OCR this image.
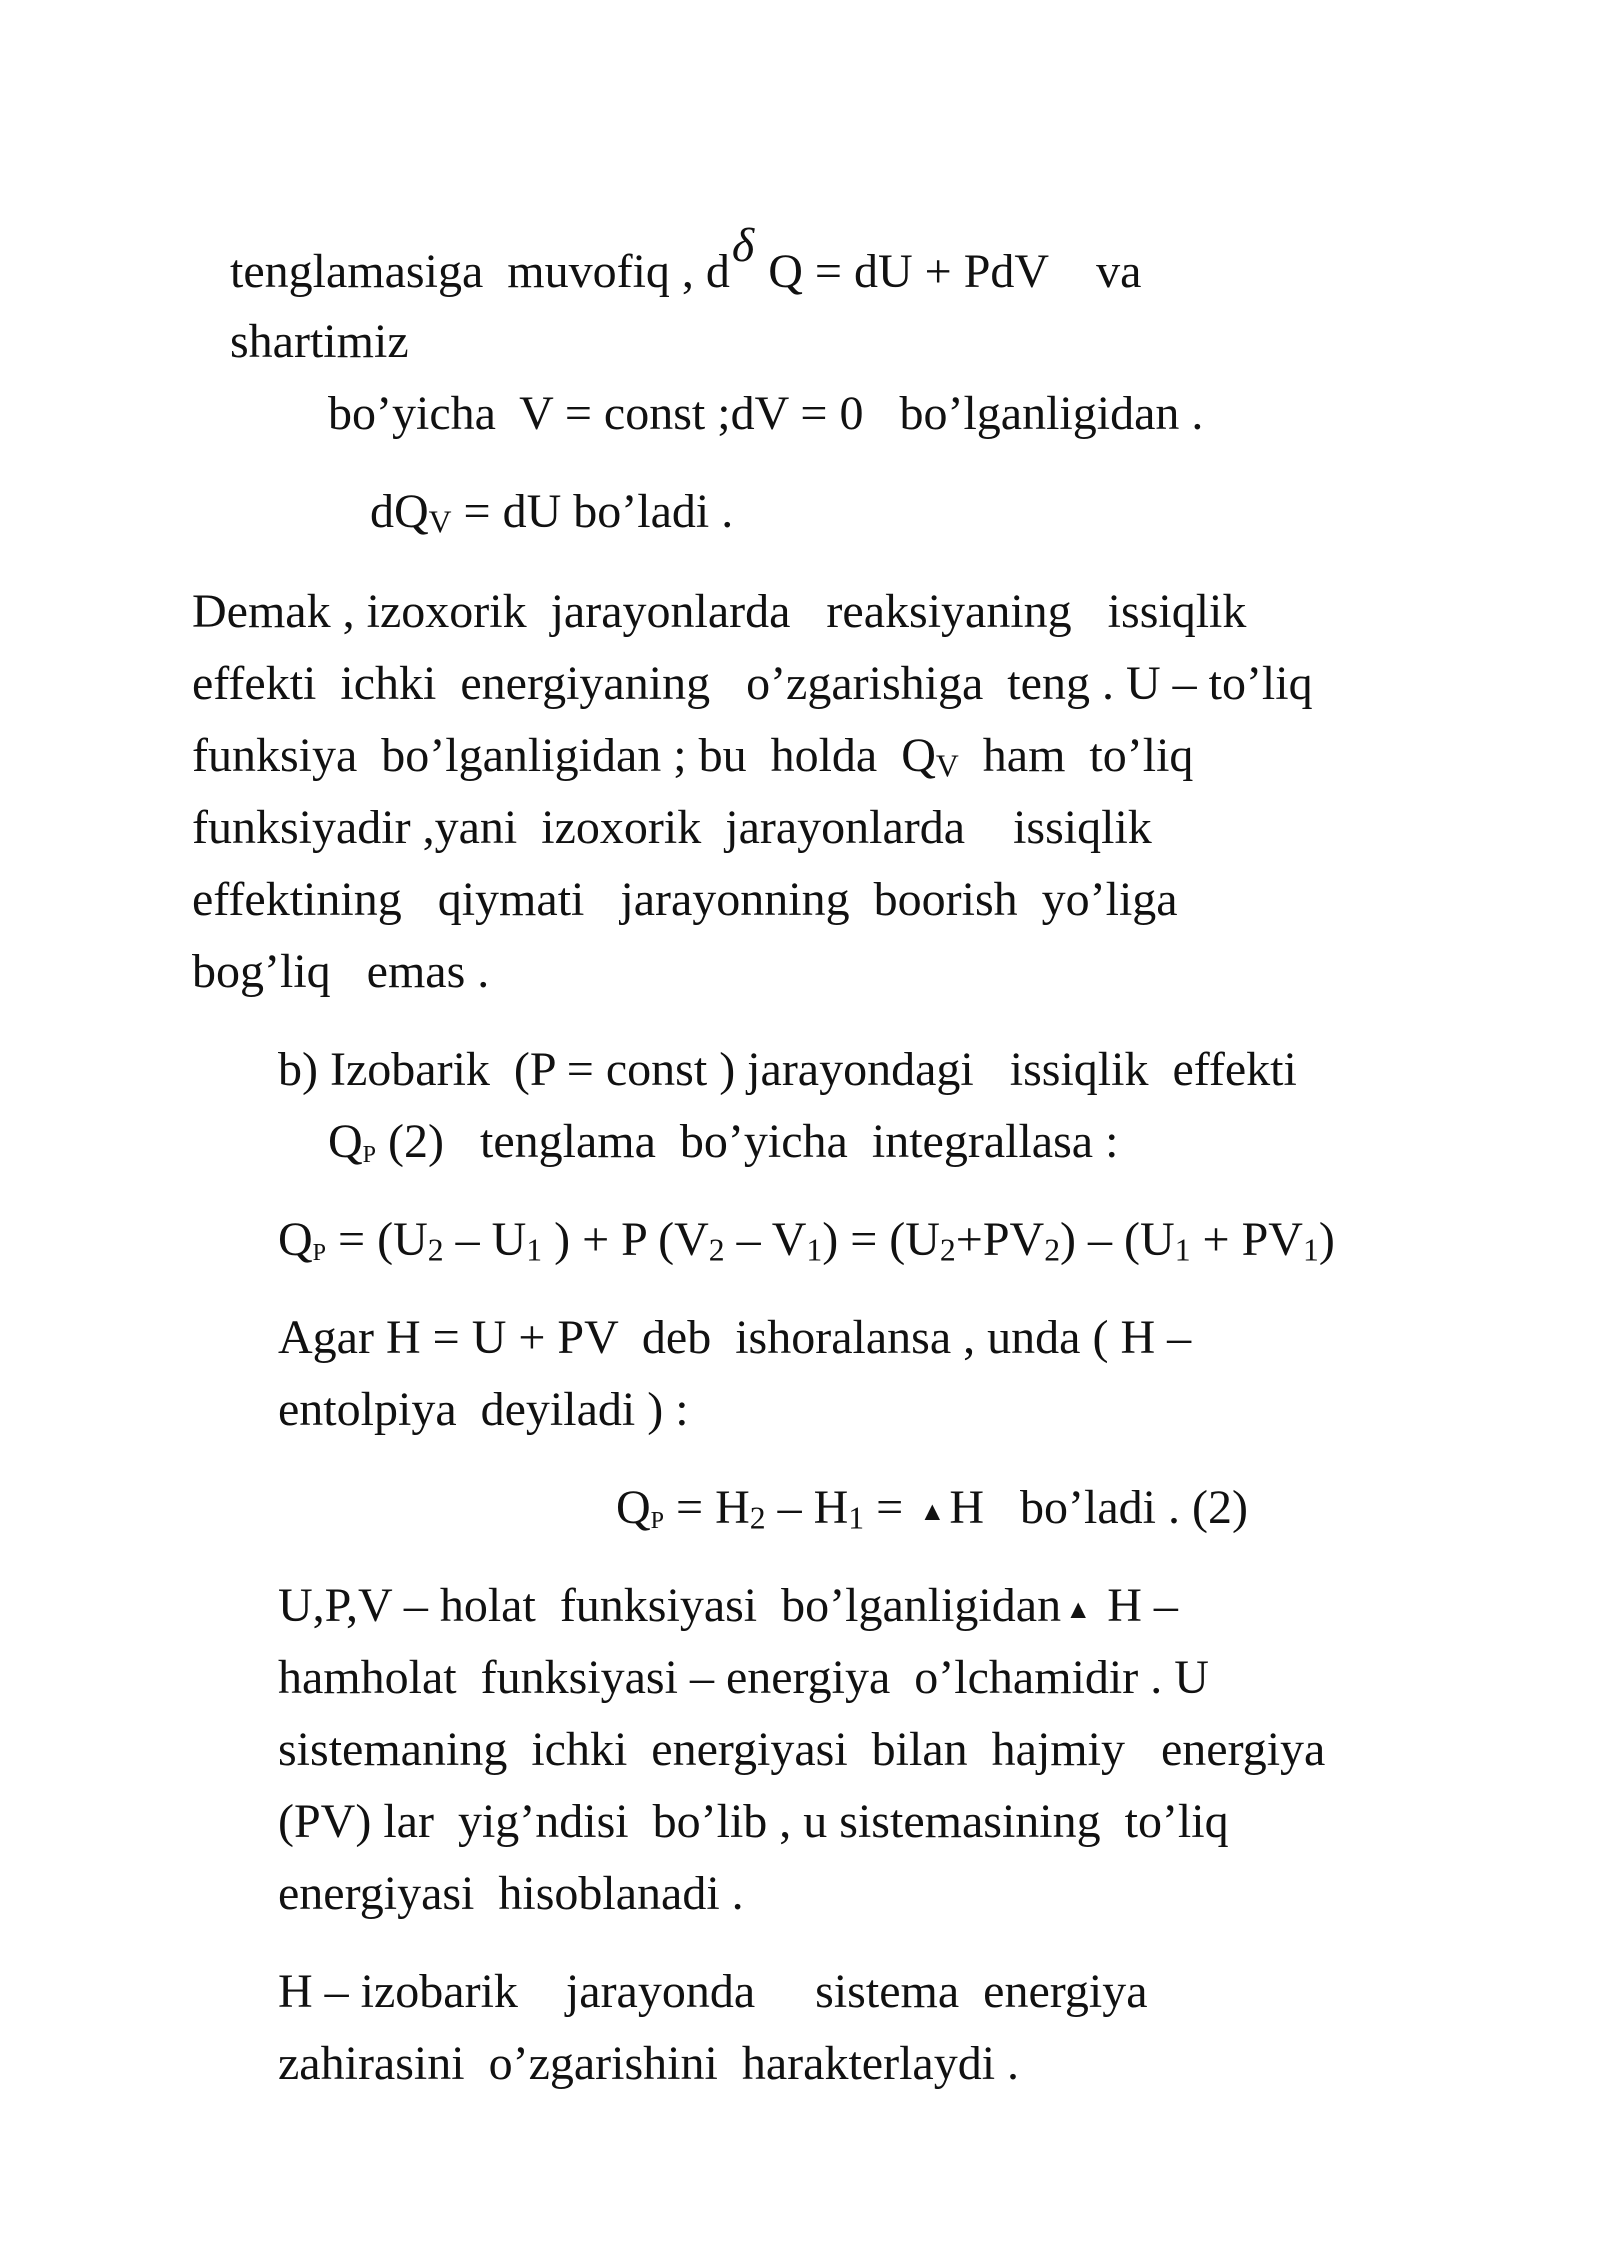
tenglamasiga  muvofiq , dδ Q = dU + PdV    va
shartimiz
bo’yicha  V = const ;dV = 0   bo’lganligidan .
dQV = dU bo’ladi .
Demak , izoxorik  jarayonlarda   reaksiyaning   issiqlik
effekti  ichki  energiyaning   o’zgarishiga  teng . U – to’liq
funksiya  bo’lganligidan ; bu  holda  QV  ham  to’liq
funksiyadir ,yani  izoxorik  jarayonlarda    issiqlik
effektining   qiymati   jarayonning  boorish  yo’liga
bog’liq   emas .
b) Izobarik  (P = const ) jarayondagi   issiqlik  effekti
QP (2)   tenglama  bo’yicha  integrallasa :
QP = (U2 – U1 ) + P (V2 – V1) = (U2+PV2) – (U1 + PV1)
Agar H = U + PV  deb  ishoralansa , unda ( H –
entolpiya  deyiladi ) :
QP = H2 – H1 = ▲H   bo’ladi . (2)
U,P,V – holat  funksiyasi  bo’lganligidan ▲ H –
hamholat  funksiyasi – energiya  o’lchamidir . U
sistemaning  ichki  energiyasi  bilan  hajmiy   energiya
(PV) lar  yig’ndisi  bo’lib , u sistemasining  to’liq
energiyasi  hisoblanadi .
H – izobarik    jarayonda     sistema  energiya
zahirasini  o’zgarishini  harakterlaydi .
